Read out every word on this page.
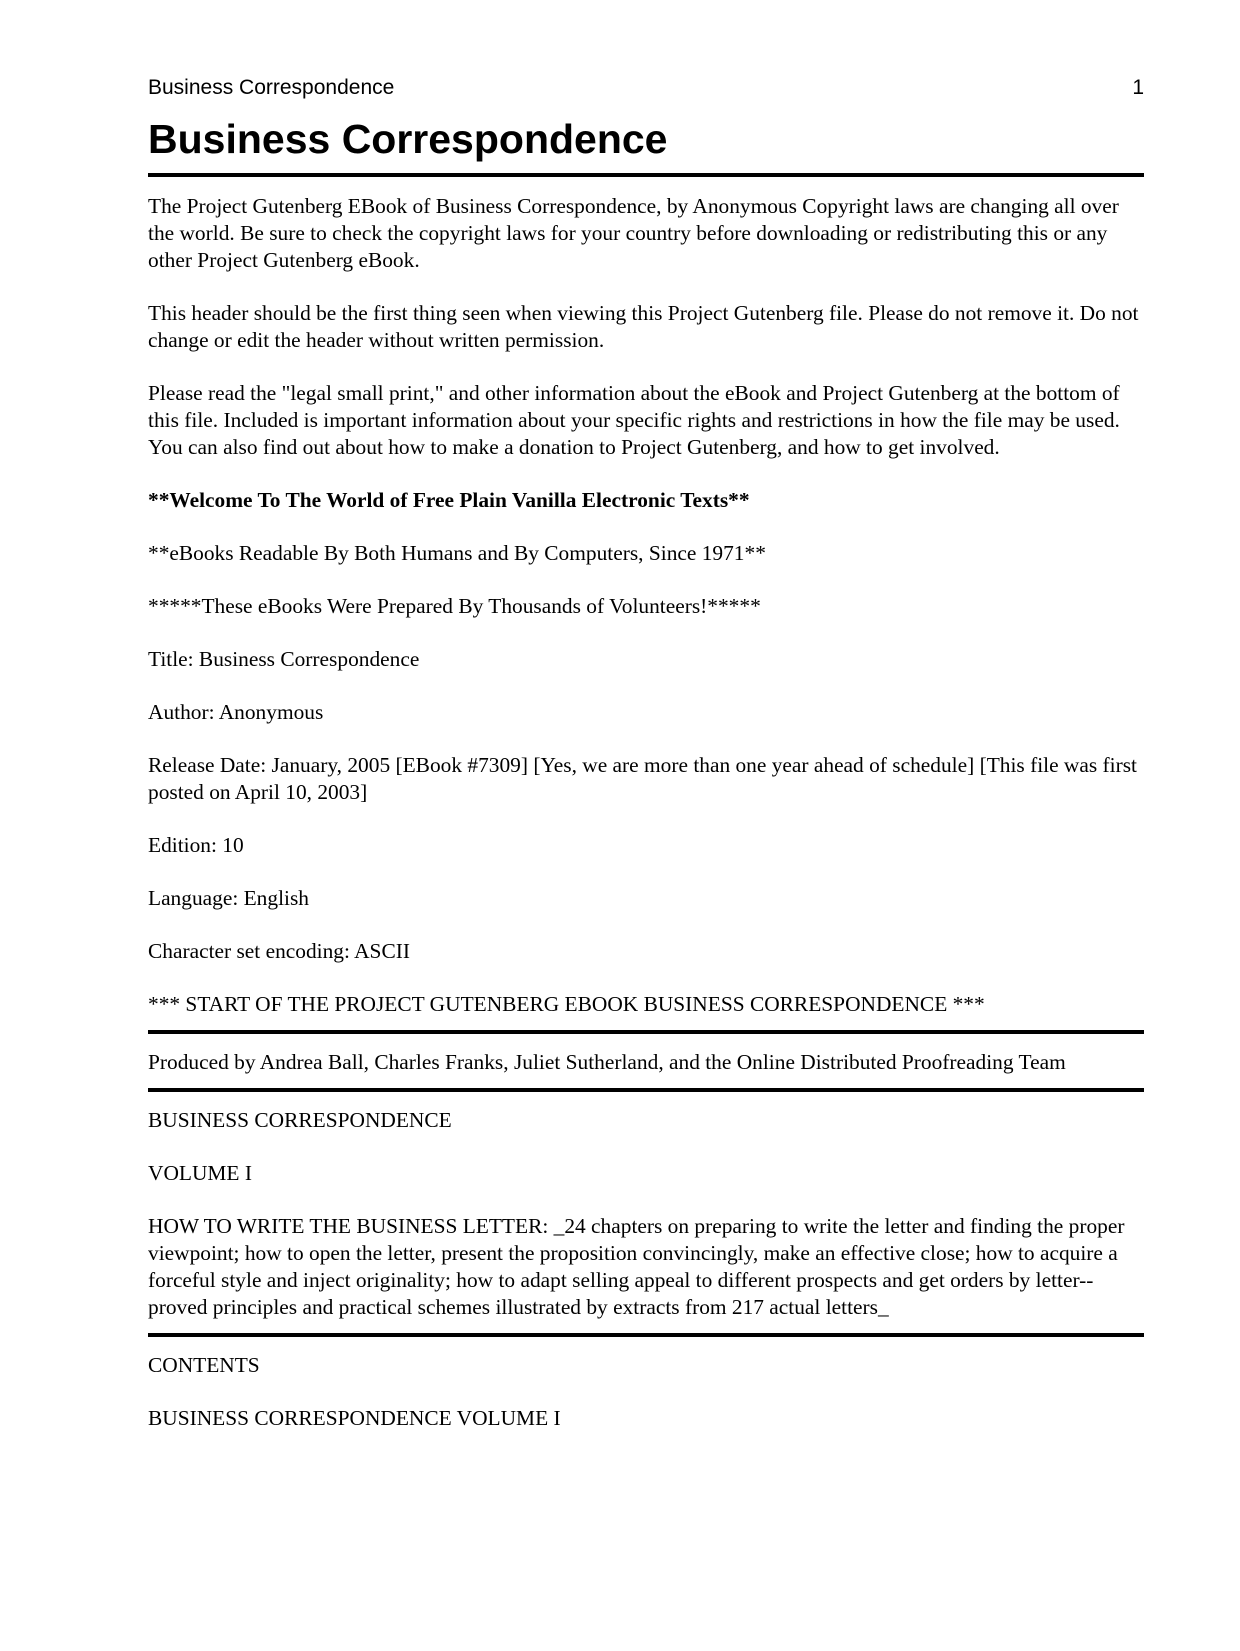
Business Correspondence	1
Business Correspondence

The Project Gutenberg EBook of Business Correspondence, by Anonymous Copyright laws are changing all over the world. Be sure to check the copyright laws for your country before downloading or redistributing this or any other Project Gutenberg eBook.

This header should be the first thing seen when viewing this Project Gutenberg file. Please do not remove it. Do not change or edit the header without written permission.

Please read the "legal small print," and other information about the eBook and Project Gutenberg at the bottom of this file. Included is important information about your specific rights and restrictions in how the file may be used. You can also find out about how to make a donation to Project Gutenberg, and how to get involved.

**Welcome To The World of Free Plain Vanilla Electronic Texts**

**eBooks Readable By Both Humans and By Computers, Since 1971**

*****These eBooks Were Prepared By Thousands of Volunteers!*****

Title: Business Correspondence

Author: Anonymous

Release Date: January, 2005 [EBook #7309] [Yes, we are more than one year ahead of schedule] [This file was first posted on April 10, 2003]

Edition: 10

Language: English

Character set encoding: ASCII

*** START OF THE PROJECT GUTENBERG EBOOK BUSINESS CORRESPONDENCE ***

Produced by Andrea Ball, Charles Franks, Juliet Sutherland, and the Online Distributed Proofreading Team

BUSINESS CORRESPONDENCE

VOLUME I

HOW TO WRITE THE BUSINESS LETTER: _24 chapters on preparing to write the letter and finding the proper viewpoint; how to open the letter, present the proposition convincingly, make an effective close; how to acquire a forceful style and inject originality; how to adapt selling appeal to different prospects and get orders by letter-- proved principles and practical schemes illustrated by extracts from 217 actual letters_

CONTENTS

BUSINESS CORRESPONDENCE VOLUME I
